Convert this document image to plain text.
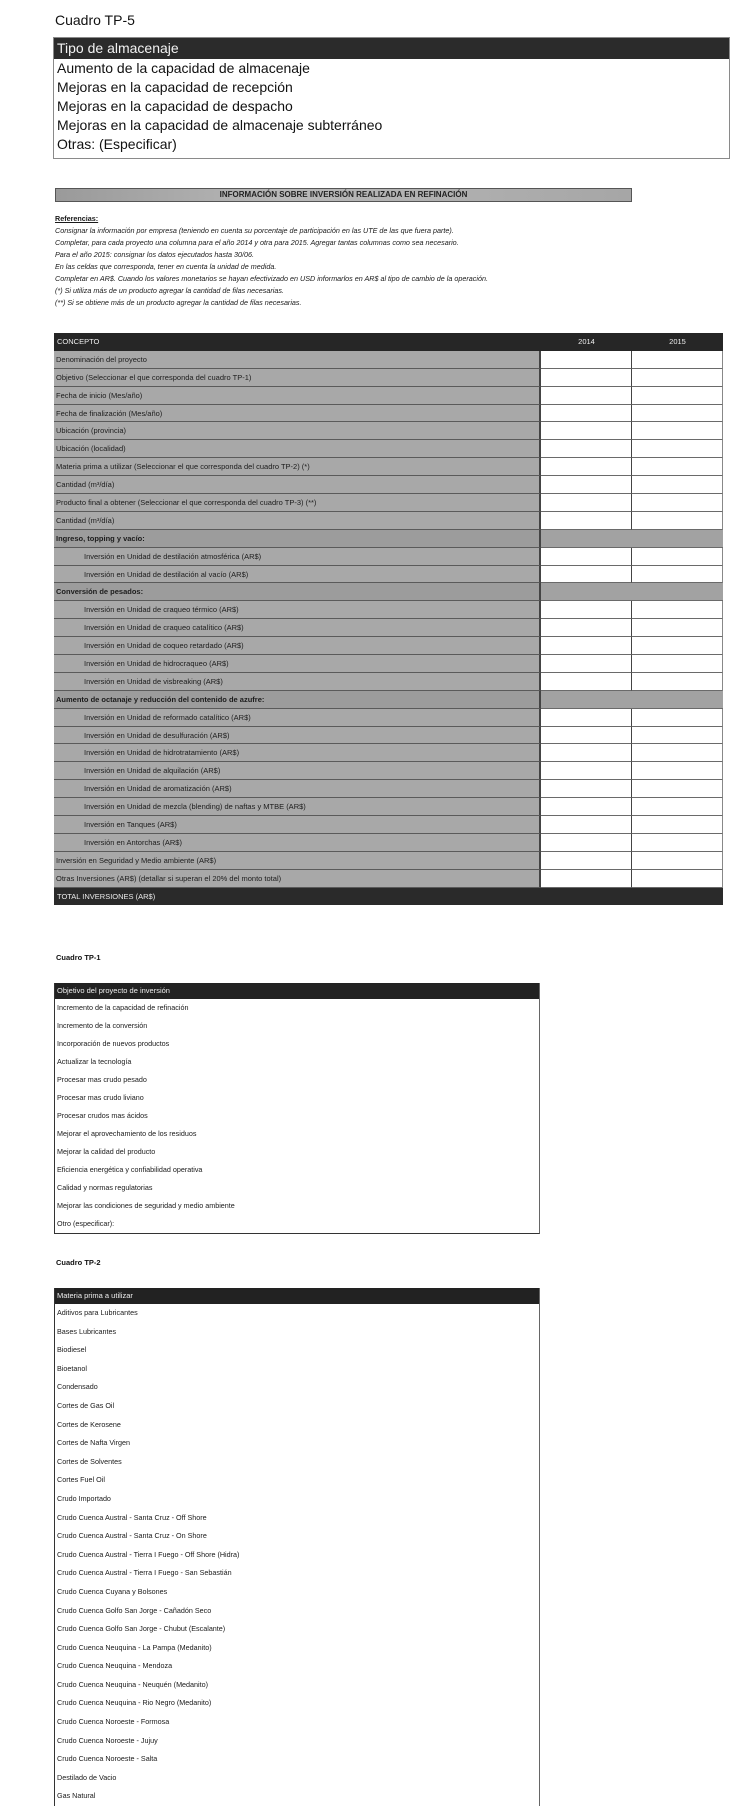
Cuadro TP-5
Tipo de almacenaje
Aumento de la capacidad de almacenaje
Mejoras en la capacidad de recepción
Mejoras en la capacidad de despacho
Mejoras en la capacidad de almacenaje subterráneo
Otras: (Especificar)
INFORMACIÓN SOBRE INVERSIÓN REALIZADA EN REFINACIÓN
Referencias:
Consignar la información por empresa (teniendo en cuenta su porcentaje de participación en las UTE de las que fuera parte).
Completar, para cada proyecto una columna para el año 2014 y otra para 2015. Agregar tantas columnas como sea necesario.
Para el año 2015: consignar los datos ejecutados hasta 30/06.
En las celdas que corresponda, tener en cuenta la unidad de medida.
Completar en AR$. Cuando los valores monetarios se hayan efectivizado en USD informarlos en AR$ al tipo de cambio de la operación.
(*) Si utiliza más de un producto agregar la cantidad de filas necesarias.
(**) Si se obtiene más de un producto agregar la cantidad de filas necesarias.
CONCEPTO	2014	2015
Denominación del proyecto
Objetivo (Seleccionar el que corresponda del cuadro TP-1)
Fecha de inicio (Mes/año)
Fecha de finalización (Mes/año)
Ubicación (provincia)
Ubicación (localidad)
Materia prima a utilizar (Seleccionar el que corresponda del cuadro TP-2) (*)
Cantidad (m³/día)
Producto final a obtener (Seleccionar el que corresponda del cuadro TP-3) (**)
Cantidad (m³/día)
Ingreso, topping y vacío:
Inversión en Unidad de destilación atmosférica (AR$)
Inversión en Unidad de destilación al vacío (AR$)
Conversión de pesados:
Inversión en Unidad de craqueo térmico (AR$)
Inversión en Unidad de craqueo catalítico (AR$)
Inversión en Unidad de coqueo retardado (AR$)
Inversión en Unidad de hidrocraqueo (AR$)
Inversión en Unidad de visbreaking (AR$)
Aumento de octanaje y reducción del contenido de azufre:
Inversión en Unidad de reformado catalítico (AR$)
Inversión en Unidad de desulfuración (AR$)
Inversión en Unidad de hidrotratamiento (AR$)
Inversión en Unidad de alquilación (AR$)
Inversión en Unidad de aromatización (AR$)
Inversión en Unidad de mezcla (blending) de naftas y MTBE (AR$)
Inversión en Tanques (AR$)
Inversión en Antorchas (AR$)
Inversión en Seguridad y Medio ambiente (AR$)
Otras Inversiones (AR$) (detallar si superan el 20% del monto total)
TOTAL INVERSIONES (AR$)
Cuadro TP-1
Objetivo del proyecto de inversión
Incremento de la capacidad de refinación
Incremento de la conversión
Incorporación de nuevos productos
Actualizar la tecnología
Procesar mas crudo pesado
Procesar mas crudo liviano
Procesar crudos mas ácidos
Mejorar el aprovechamiento de los residuos
Mejorar la calidad del producto
Eficiencia energética y confiabilidad operativa
Calidad y normas regulatorias
Mejorar las condiciones de seguridad y medio ambiente
Otro (especificar):
Cuadro TP-2
Materia prima a utilizar
Aditivos para Lubricantes
Bases Lubricantes
Biodiesel
Bioetanol
Condensado
Cortes de Gas Oil
Cortes de Kerosene
Cortes de Nafta Virgen
Cortes de Solventes
Cortes Fuel Oil
Crudo Importado
Crudo Cuenca Austral - Santa Cruz - Off Shore
Crudo Cuenca Austral - Santa Cruz - On Shore
Crudo Cuenca Austral - Tierra I Fuego - Off Shore (Hidra)
Crudo Cuenca Austral - Tierra I Fuego - San Sebastián
Crudo Cuenca Cuyana y Bolsones
Crudo Cuenca Golfo San Jorge - Cañadón Seco
Crudo Cuenca Golfo San Jorge - Chubut (Escalante)
Crudo Cuenca Neuquina - La Pampa (Medanito)
Crudo Cuenca Neuquina - Mendoza
Crudo Cuenca Neuquina - Neuquén (Medanito)
Crudo Cuenca Neuquina - Rio Negro (Medanito)
Crudo Cuenca Noroeste - Formosa
Crudo Cuenca Noroeste - Jujuy
Crudo Cuenca Noroeste - Salta
Destilado de Vacio
Gas Natural
